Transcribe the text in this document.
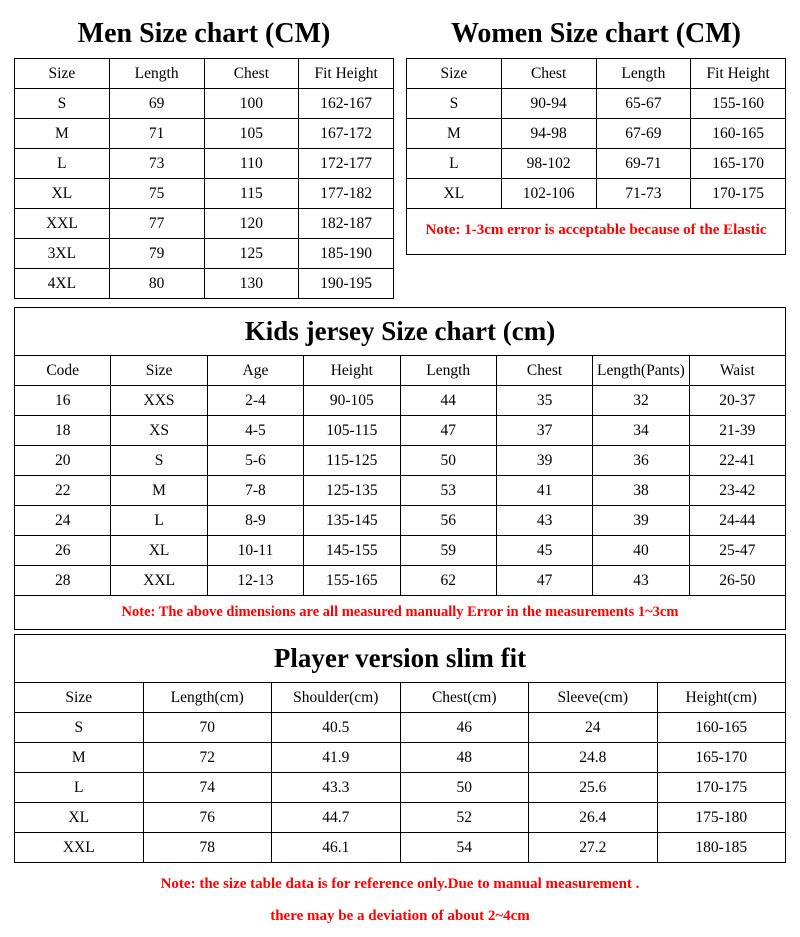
Men Size chart (CM)
Size	Length	Chest	Fit Height
S	69	100	162-167
M	71	105	167-172
L	73	110	172-177
XL	75	115	177-182
XXL	77	120	182-187
3XL	79	125	185-190
4XL	80	130	190-195
Women Size chart (CM)
Size	Chest	Length	Fit Height
S	90-94	65-67	155-160
M	94-98	67-69	160-165
L	98-102	69-71	165-170
XL	102-106	71-73	170-175
Note: 1-3cm error is acceptable because of the Elastic
Kids jersey Size chart (cm)
Code	Size	Age	Height	Length	Chest	Length(Pants)	Waist
16	XXS	2-4	90-105	44	35	32	20-37
18	XS	4-5	105-115	47	37	34	21-39
20	S	5-6	115-125	50	39	36	22-41
22	M	7-8	125-135	53	41	38	23-42
24	L	8-9	135-145	56	43	39	24-44
26	XL	10-11	145-155	59	45	40	25-47
28	XXL	12-13	155-165	62	47	43	26-50
Note: The above dimensions are all measured manually Error in the measurements 1~3cm
Player version slim fit
Size	Length(cm)	Shoulder(cm)	Chest(cm)	Sleeve(cm)	Height(cm)
S	70	40.5	46	24	160-165
M	72	41.9	48	24.8	165-170
L	74	43.3	50	25.6	170-175
XL	76	44.7	52	26.4	175-180
XXL	78	46.1	54	27.2	180-185
Note: the size table data is for reference only.Due to manual measurement .
there may be a deviation of about 2~4cm
